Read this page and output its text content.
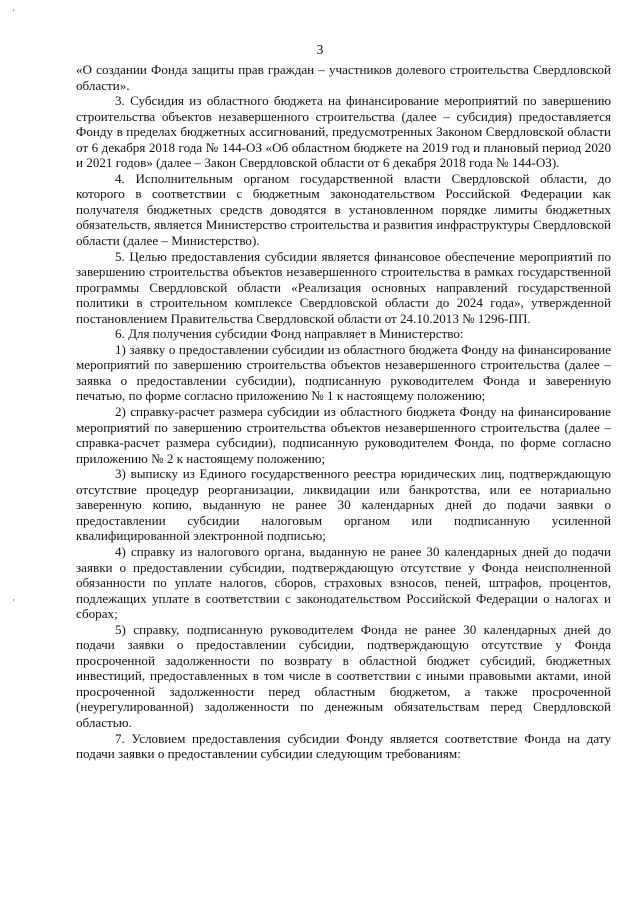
‘
’
3

«О создании Фонда защиты прав граждан – участников долевого строительства Свердловской области».

3. Субсидия из областного бюджета на финансирование мероприятий по завершению строительства объектов незавершенного строительства (далее – субсидия) предоставляется Фонду в пределах бюджетных ассигнований, предусмотренных Законом Свердловской области от 6 декабря 2018 года № 144-ОЗ «Об областном бюджете на 2019 год и плановый период 2020 и 2021 годов» (далее – Закон Свердловской области от 6 декабря 2018 года № 144-ОЗ).

4. Исполнительным органом государственной власти Свердловской области, до которого в соответствии с бюджетным законодательством Российской Федерации как получателя бюджетных средств доводятся в установленном порядке лимиты бюджетных обязательств, является Министерство строительства и развития инфраструктуры Свердловской области (далее – Министерство).

5. Целью предоставления субсидии является финансовое обеспечение мероприятий по завершению строительства объектов незавершенного строительства в рамках государственной программы Свердловской области «Реализация основных направлений государственной политики в строительном комплексе Свердловской области до 2024 года», утвержденной постановлением Правительства Свердловской области от 24.10.2013 № 1296-ПП.

6. Для получения субсидии Фонд направляет в Министерство:

1) заявку о предоставлении субсидии из областного бюджета Фонду на финансирование мероприятий по завершению строительства объектов незавершенного строительства (далее – заявка о предоставлении субсидии), подписанную руководителем Фонда и заверенную печатью, по форме согласно приложению № 1 к настоящему положению;

2) справку-расчет размера субсидии из областного бюджета Фонду на финансирование мероприятий по завершению строительства объектов незавершенного строительства (далее – справка-расчет размера субсидии), подписанную руководителем Фонда, по форме согласно приложению № 2 к настоящему положению;

3) выписку из Единого государственного реестра юридических лиц, подтверждающую отсутствие процедур реорганизации, ликвидации или банкротства, или ее нотариально заверенную копию, выданную не ранее 30 календарных дней до подачи заявки о предоставлении субсидии налоговым органом или подписанную усиленной квалифицированной электронной подписью;

4) справку из налогового органа, выданную не ранее 30 календарных дней до подачи заявки о предоставлении субсидии, подтверждающую отсутствие у Фонда неисполненной обязанности по уплате налогов, сборов, страховых взносов, пеней, штрафов, процентов, подлежащих уплате в соответствии с законодательством Российской Федерации о налогах и сборах;

5) справку, подписанную руководителем Фонда не ранее 30 календарных дней до подачи заявки о предоставлении субсидии, подтверждающую отсутствие у Фонда просроченной задолженности по возврату в областной бюджет субсидий, бюджетных инвестиций, предоставленных в том числе в соответствии с иными правовыми актами, иной просроченной задолженности перед областным бюджетом, а также просроченной (неурегулированной) задолженности по денежным обязательствам перед Свердловской областью.

7. Условием предоставления субсидии Фонду является соответствие Фонда на дату подачи заявки о предоставлении субсидии следующим требованиям:
